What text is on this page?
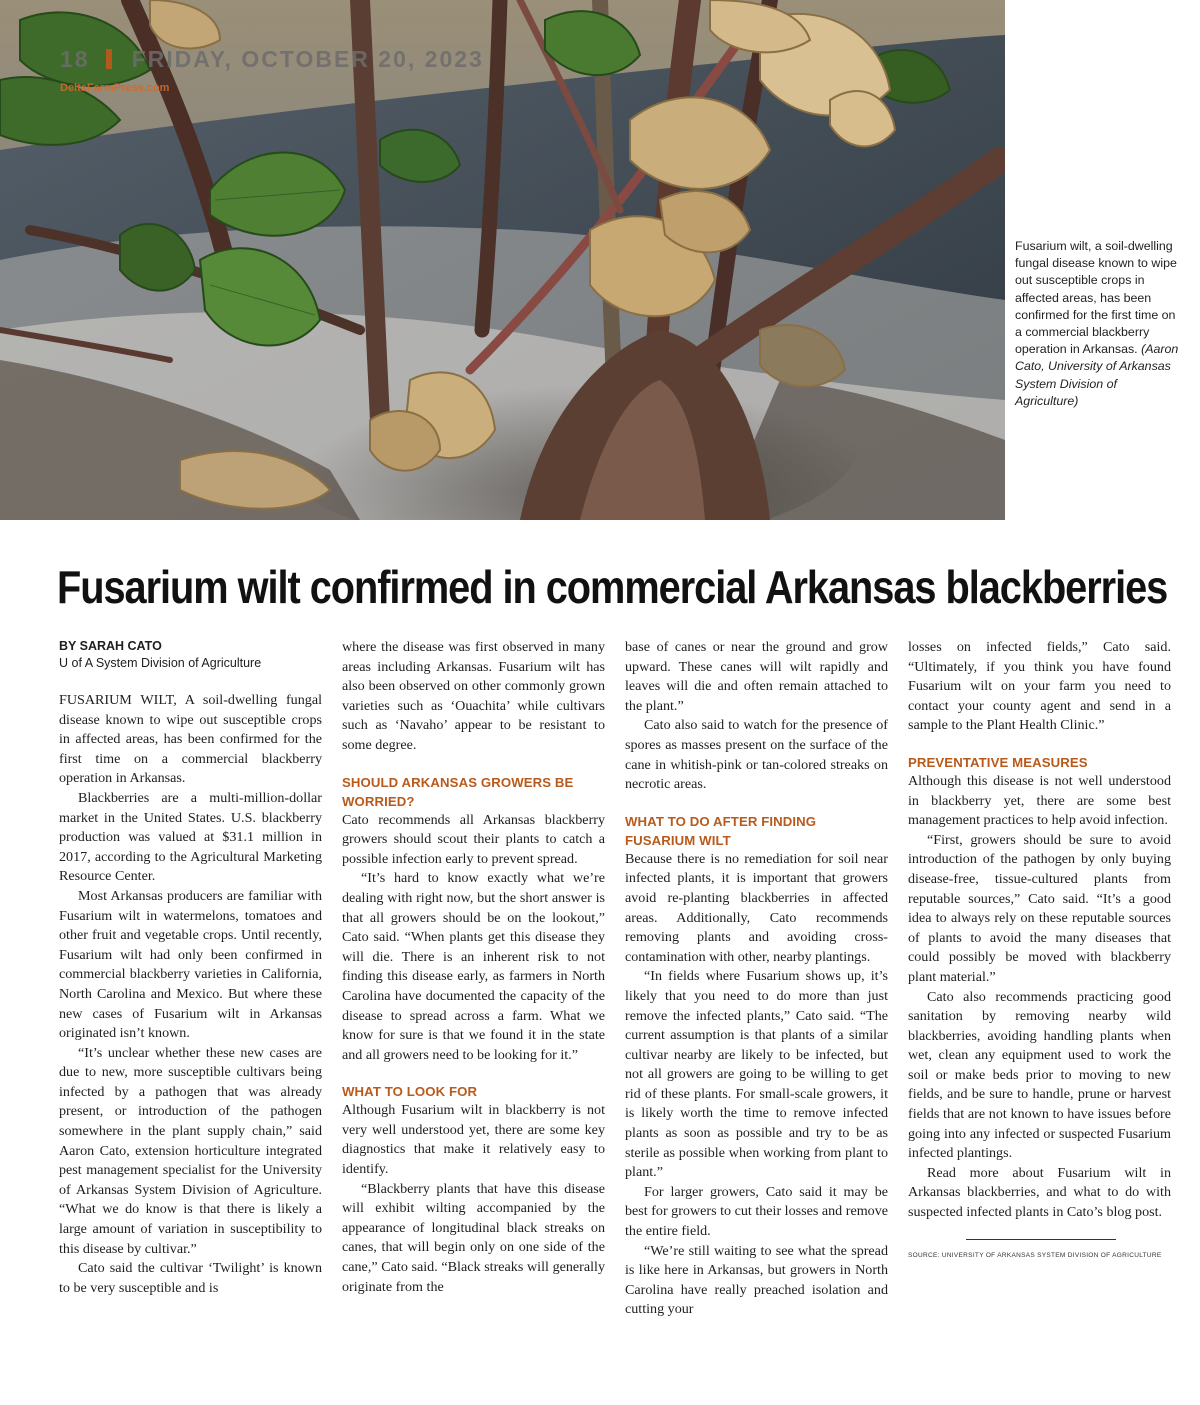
18 FRIDAY, OCTOBER 20, 2023
DeltaFarmPress.com
Fusarium wilt, a soil-dwelling fungal disease known to wipe out susceptible crops in affected areas, has been confirmed for the first time on a commercial blackberry operation in Arkansas. (Aaron Cato, University of Arkansas System Division of Agriculture)
Fusarium wilt confirmed in commercial Arkansas blackberries
BY SARAH CATO
U of A System Division of Agriculture

FUSARIUM WILT, A soil-dwelling fungal disease known to wipe out susceptible crops in affected areas, has been confirmed for the first time on a commercial blackberry operation in Arkansas.

Blackberries are a multi-million-dollar market in the United States. U.S. blackberry production was valued at $31.1 million in 2017, according to the Agricultural Marketing Resource Center.

Most Arkansas producers are familiar with Fusarium wilt in watermelons, tomatoes and other fruit and vegetable crops. Until recently, Fusarium wilt had only been confirmed in commercial blackberry varieties in California, North Carolina and Mexico. But where these new cases of Fusarium wilt in Arkansas originated isn’t known.

“It’s unclear whether these new cases are due to new, more susceptible cultivars being infected by a pathogen that was already present, or introduction of the pathogen somewhere in the plant supply chain,” said Aaron Cato, extension horticulture integrated pest management specialist for the University of Arkansas System Division of Agriculture. “What we do know is that there is likely a large amount of variation in susceptibility to this disease by cultivar.”

Cato said the cultivar ‘Twilight’ is known to be very susceptible and is

where the disease was first observed in many areas including Arkansas. Fusarium wilt has also been observed on other commonly grown varieties such as ‘Ouachita’ while cultivars such as ‘Navaho’ appear to be resistant to some degree.

SHOULD ARKANSAS GROWERS BE WORRIED?

Cato recommends all Arkansas blackberry growers should scout their plants to catch a possible infection early to prevent spread.

“It’s hard to know exactly what we’re dealing with right now, but the short answer is that all growers should be on the lookout,” Cato said. “When plants get this disease they will die. There is an inherent risk to not finding this disease early, as farmers in North Carolina have documented the capacity of the disease to spread across a farm. What we know for sure is that we found it in the state and all growers need to be looking for it.”

WHAT TO LOOK FOR

Although Fusarium wilt in blackberry is not very well understood yet, there are some key diagnostics that make it relatively easy to identify.

“Blackberry plants that have this disease will exhibit wilting accompanied by the appearance of longitudinal black streaks on canes, that will begin only on one side of the cane,” Cato said. “Black streaks will generally originate from the

base of canes or near the ground and grow upward. These canes will wilt rapidly and leaves will die and often remain attached to the plant.”

Cato also said to watch for the presence of spores as masses present on the surface of the cane in whitish-pink or tan-colored streaks on necrotic areas.

WHAT TO DO AFTER FINDING FUSARIUM WILT

Because there is no remediation for soil near infected plants, it is important that growers avoid re-planting blackberries in affected areas. Additionally, Cato recommends removing plants and avoiding cross-contamination with other, nearby plantings.

“In fields where Fusarium shows up, it’s likely that you need to do more than just remove the infected plants,” Cato said. “The current assumption is that plants of a similar cultivar nearby are likely to be infected, but not all growers are going to be willing to get rid of these plants. For small-scale growers, it is likely worth the time to remove infected plants as soon as possible and try to be as sterile as possible when working from plant to plant.”

For larger growers, Cato said it may be best for growers to cut their losses and remove the entire field.

“We’re still waiting to see what the spread is like here in Arkansas, but growers in North Carolina have really preached isolation and cutting your

losses on infected fields,” Cato said. “Ultimately, if you think you have found Fusarium wilt on your farm you need to contact your county agent and send in a sample to the Plant Health Clinic.”

PREVENTATIVE MEASURES

Although this disease is not well understood in blackberry yet, there are some best management practices to help avoid infection.

“First, growers should be sure to avoid introduction of the pathogen by only buying disease-free, tissue-cultured plants from reputable sources,” Cato said. “It’s a good idea to always rely on these reputable sources of plants to avoid the many diseases that could possibly be moved with blackberry plant material.”

Cato also recommends practicing good sanitation by removing nearby wild blackberries, avoiding handling plants when wet, clean any equipment used to work the soil or make beds prior to moving to new fields, and be sure to handle, prune or harvest fields that are not known to have issues before going into any infected or suspected Fusarium infected plantings.

Read more about Fusarium wilt in Arkansas blackberries, and what to do with suspected infected plants in Cato’s blog post.

SOURCE: UNIVERSITY OF ARKANSAS SYSTEM DIVISION OF AGRICULTURE
